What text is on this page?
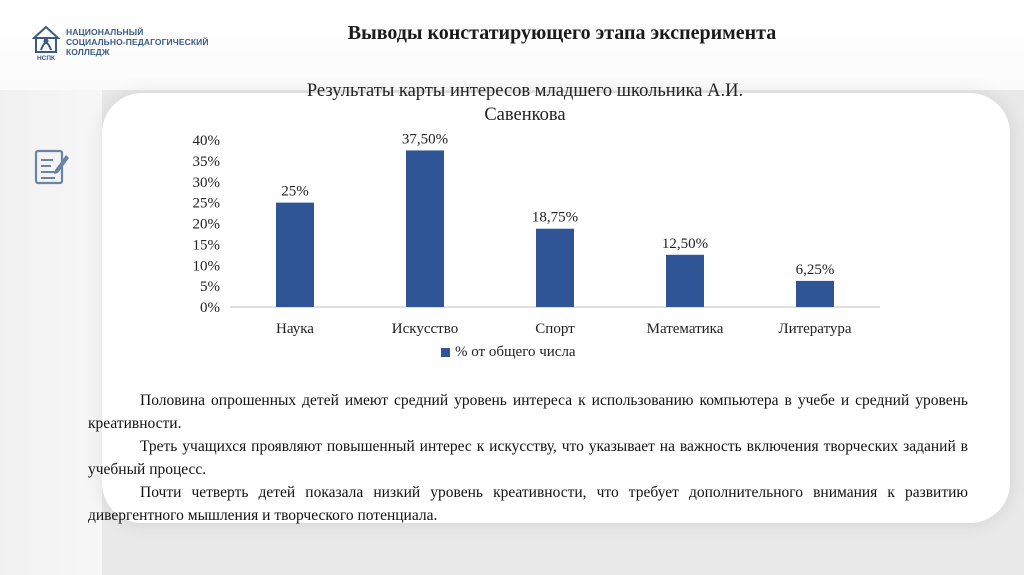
НСПК
НАЦИОНАЛЬНЫЙ
СОЦИАЛЬНО-ПЕДАГОГИЧЕСКИЙ
КОЛЛЕДЖ
Выводы констатирующего этапа эксперимента
Результаты карты интересов младшего школьника А.И.
Савенкова
0%
5%
10%
15%
20%
25%
30%
35%
40%
25%
Наука
37,50%
Искусство
18,75%
Спорт
12,50%
Математика
6,25%
Литература
% от общего числа

Половина опрошенных детей имеют средний уровень интереса к использованию компьютера в учебе и средний уровень креативности.

Треть учащихся проявляют повышенный интерес к искусству, что указывает на важность включения творческих заданий в учебный процесс.

Почти четверть детей показала низкий уровень креативности, что требует дополнительного внимания к развитию дивергентного мышления и творческого потенциала.
